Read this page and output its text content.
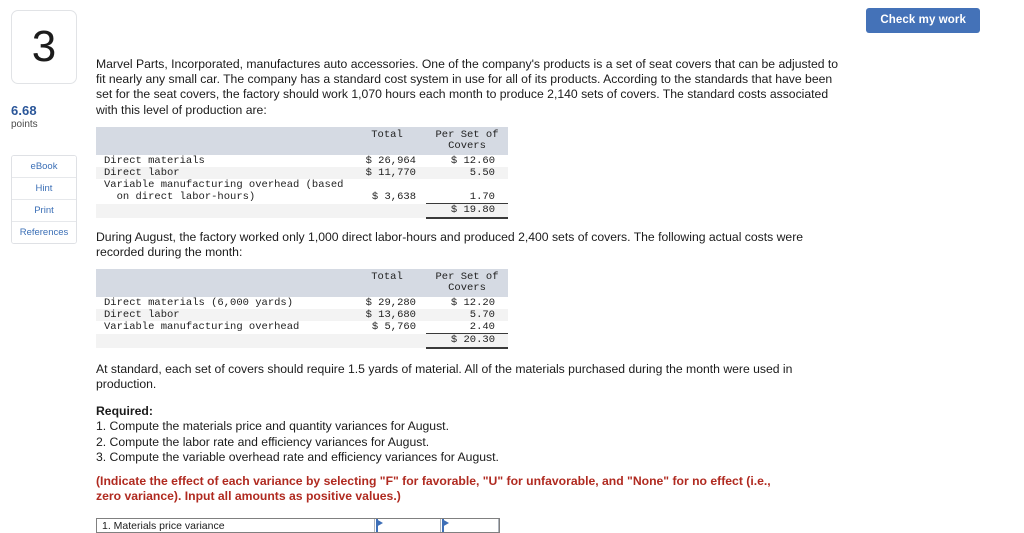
3
6.68
points
eBook
Hint
Print
References
Check my work
Marvel Parts, Incorporated, manufactures auto accessories. One of the company's products is a set of seat covers that can be adjusted to fit nearly any small car. The company has a standard cost system in use for all of its products. According to the standards that have been set for the seat covers, the factory should work 1,070 hours each month to produce 2,140 sets of covers. The standard costs associated with this level of production are:
	Total	Per Set of
		Covers
Direct materials	$ 26,964	$ 12.60
Direct labor	$ 11,770	5.50
Variable manufacturing overhead (based		
on direct labor-hours)	$ 3,638	1.70
		$ 19.80
During August, the factory worked only 1,000 direct labor-hours and produced 2,400 sets of covers. The following actual costs were recorded during the month:
	Total	Per Set of
		Covers
Direct materials (6,000 yards)	$ 29,280	$ 12.20
Direct labor	$ 13,680	5.70
Variable manufacturing overhead	$ 5,760	2.40
		$ 20.30
At standard, each set of covers should require 1.5 yards of material. All of the materials purchased during the month were used in production.
Required:
1. Compute the materials price and quantity variances for August.
2. Compute the labor rate and efficiency variances for August.
3. Compute the variable overhead rate and efficiency variances for August.
(Indicate the effect of each variance by selecting "F" for favorable, "U" for unfavorable, and "None" for no effect (i.e., zero variance). Input all amounts as positive values.)
1. Materials price variance
